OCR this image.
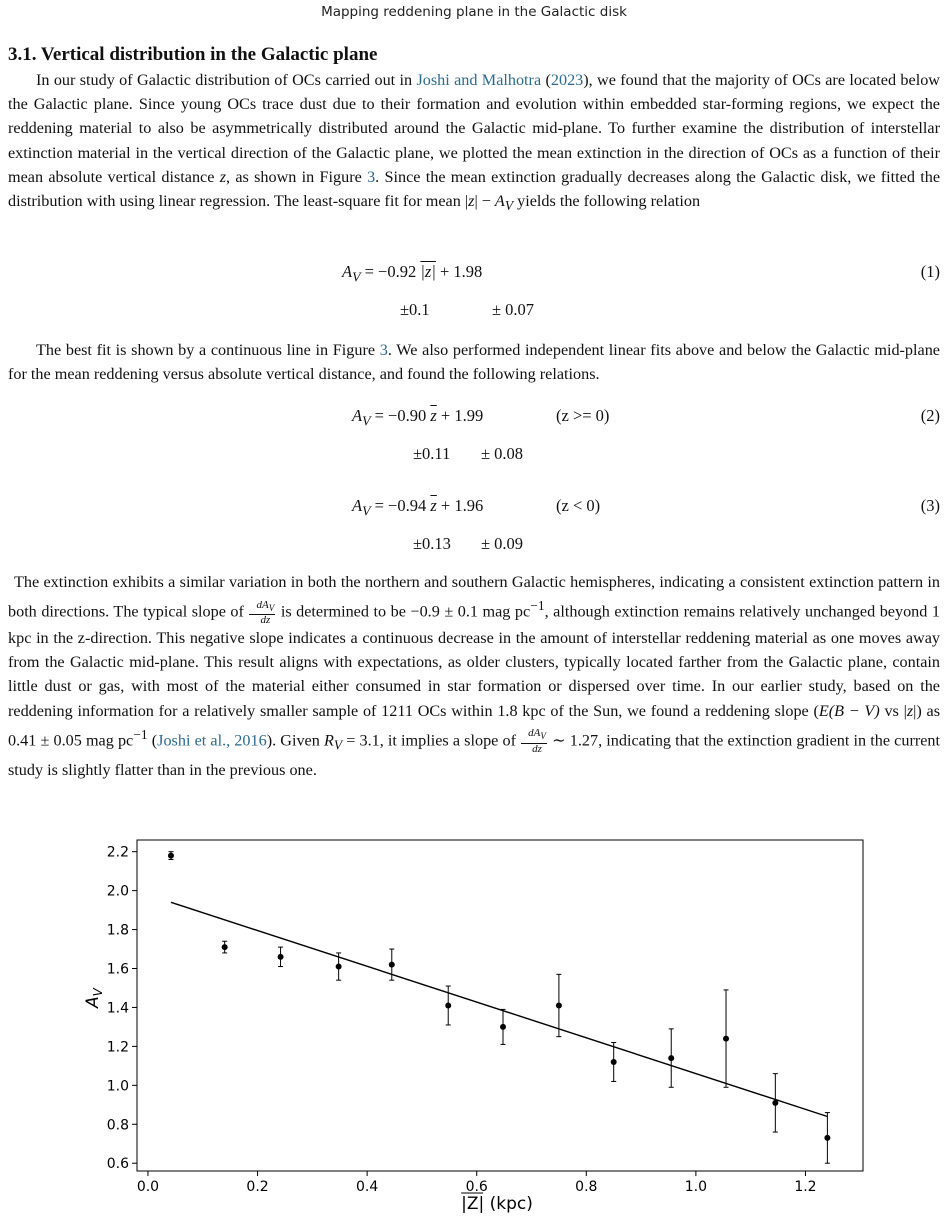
Mapping reddening plane in the Galactic disk
3.1. Vertical distribution in the Galactic plane
In our study of Galactic distribution of OCs carried out in Joshi and Malhotra (2023), we found that the majority of OCs are located below the Galactic plane. Since young OCs trace dust due to their formation and evolution within embedded star-forming regions, we expect the reddening material to also be asymmetrically distributed around the Galactic mid-plane. To further examine the distribution of interstellar extinction material in the vertical direction of the Galactic plane, we plotted the mean extinction in the direction of OCs as a function of their mean absolute vertical distance z, as shown in Figure 3. Since the mean extinction gradually decreases along the Galactic disk, we fitted the distribution with using linear regression. The least-square fit for mean $|z| - A_V$ yields the following relation
$A_V = -0.92$ |z| + 1.98	(1)
±0.1	± 0.07
The best fit is shown by a continuous line in Figure 3. We also performed independent linear fits above and below the Galactic mid-plane for the mean reddening versus absolute vertical distance, and found the following relations.
$A_V = -0.90$ $\overline{z} + 1.99$	(z >= 0)	(2)
±0.11 ± 0.08
$A_V = -0.94$ $\overline{z} + 1.96$	(z < 0)	(3)
±0.13 ± 0.09
The extinction exhibits a similar variation in both the northern and southern Galactic hemispheres, indicating a consistent extinction pattern in both directions. The typical slope of $\frac{dA_V}{dz}$ is determined to be −0.9 ± 0.1 mag $pc^{-1}$, although extinction remains relatively unchanged beyond 1 kpc in the z-direction. This negative slope indicates a continuous decrease in the amount of interstellar reddening material as one moves away from the Galactic mid-plane. This result aligns with expectations, as older clusters, typically located farther from the Galactic plane, contain little dust or gas, with most of the material either consumed in star formation or dispersed over time. In our earlier study, based on the reddening information for a relatively smaller sample of 1211 OCs within 1.8 kpc of the Sun, we found a reddening slope (E(B − V) vs |z|) as 0.41 ± 0.05 mag $pc^{-1}$ (Joshi et al., 2016). Given $R_V = 3.1$, it implies a slope of $\frac{dA_V}{dz}$ ∼ 1.27, indicating that the extinction gradient in the current study is slightly flatter than in the previous one.
0.0	0.2	0.4	0.6	0.8	1.0	1.2
0.6
0.8
1.0
1.2
1.4
1.6
1.8
2.0
2.2
|Z| (kpc)
$A_V$
